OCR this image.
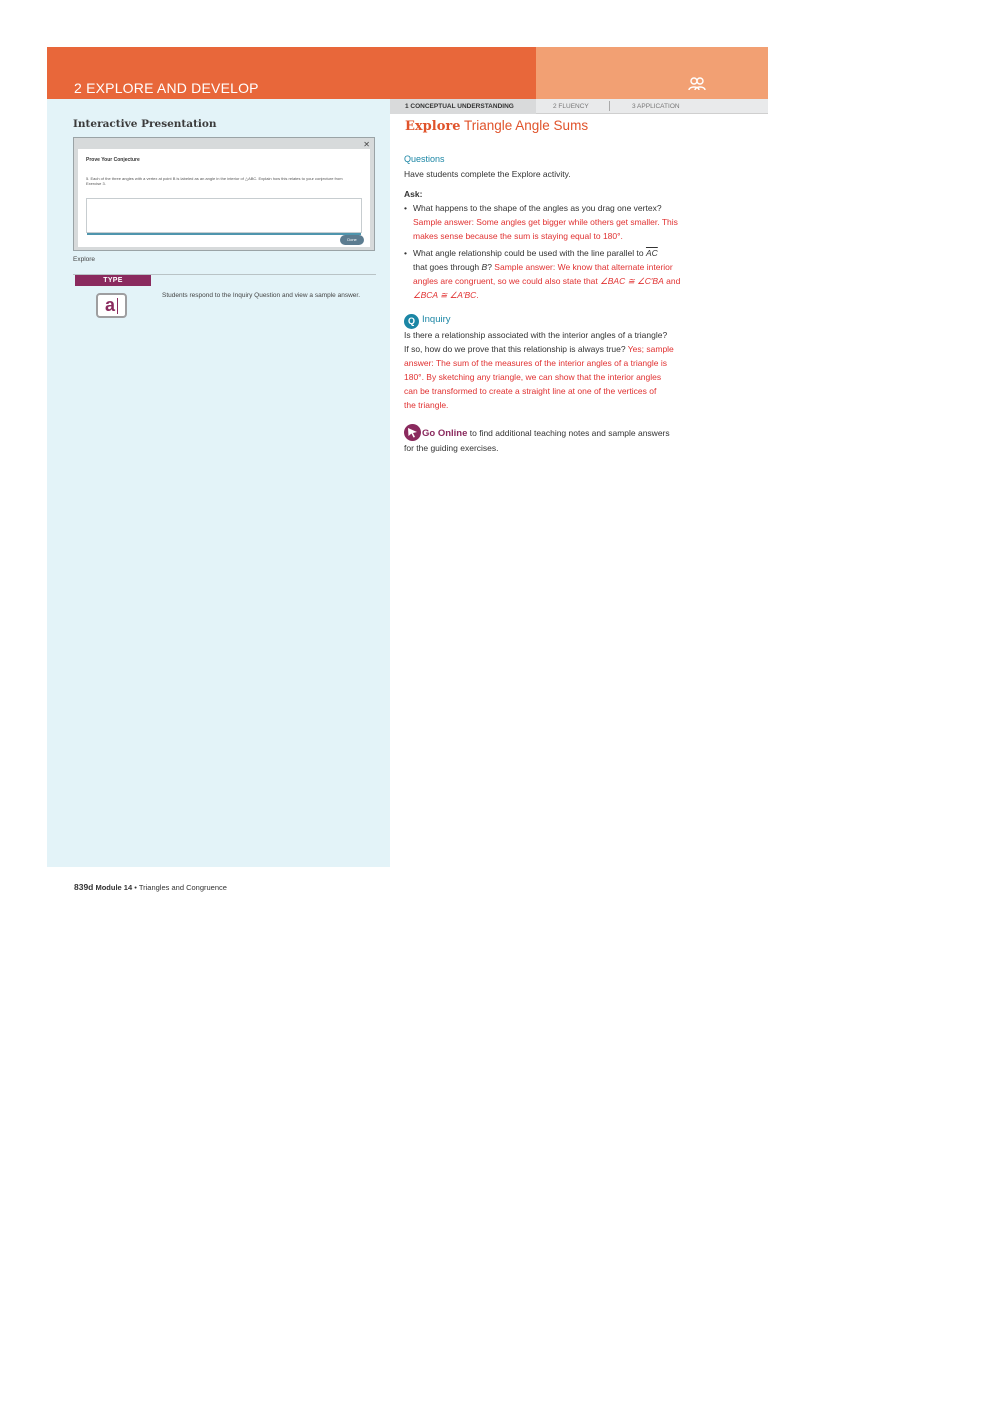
2 EXPLORE AND DEVELOP
Interactive Presentation
✕
Prove Your Conjecture
5. Each of the three angles with a vertex at point B is labeled as an angle in the interior of △ABC. Explain how this relates to your conjecture from Exercise 3.
Done
Explore
TYPE
a	Students respond to the Inquiry Question and view a sample answer.
1 CONCEPTUAL UNDERSTANDING	2 FLUENCY	3 APPLICATION
Explore Triangle Angle Sums
Questions
Have students complete the Explore activity.
Ask:
• What happens to the shape of the angles as you drag one vertex?
Sample answer: Some angles get bigger while others get smaller. This
makes sense because the sum is staying equal to 180°.
• What angle relationship could be used with the line parallel to $\overline{AC}$
that goes through B? Sample answer: We know that alternate interior
angles are congruent, so we could also state that ∠BAC ≅ ∠C′BA and
∠BCA ≅ ∠A′BC.
Q Inquiry
Is there a relationship associated with the interior angles of a triangle?
If so, how do we prove that this relationship is always true? Yes; sample
answer: The sum of the measures of the interior angles of a triangle is
180°. By sketching any triangle, we can show that the interior angles
can be transformed to create a straight line at one of the vertices of
the triangle.
Go Online to find additional teaching notes and sample answers
for the guiding exercises.
839d Module 14 • Triangles and Congruence
